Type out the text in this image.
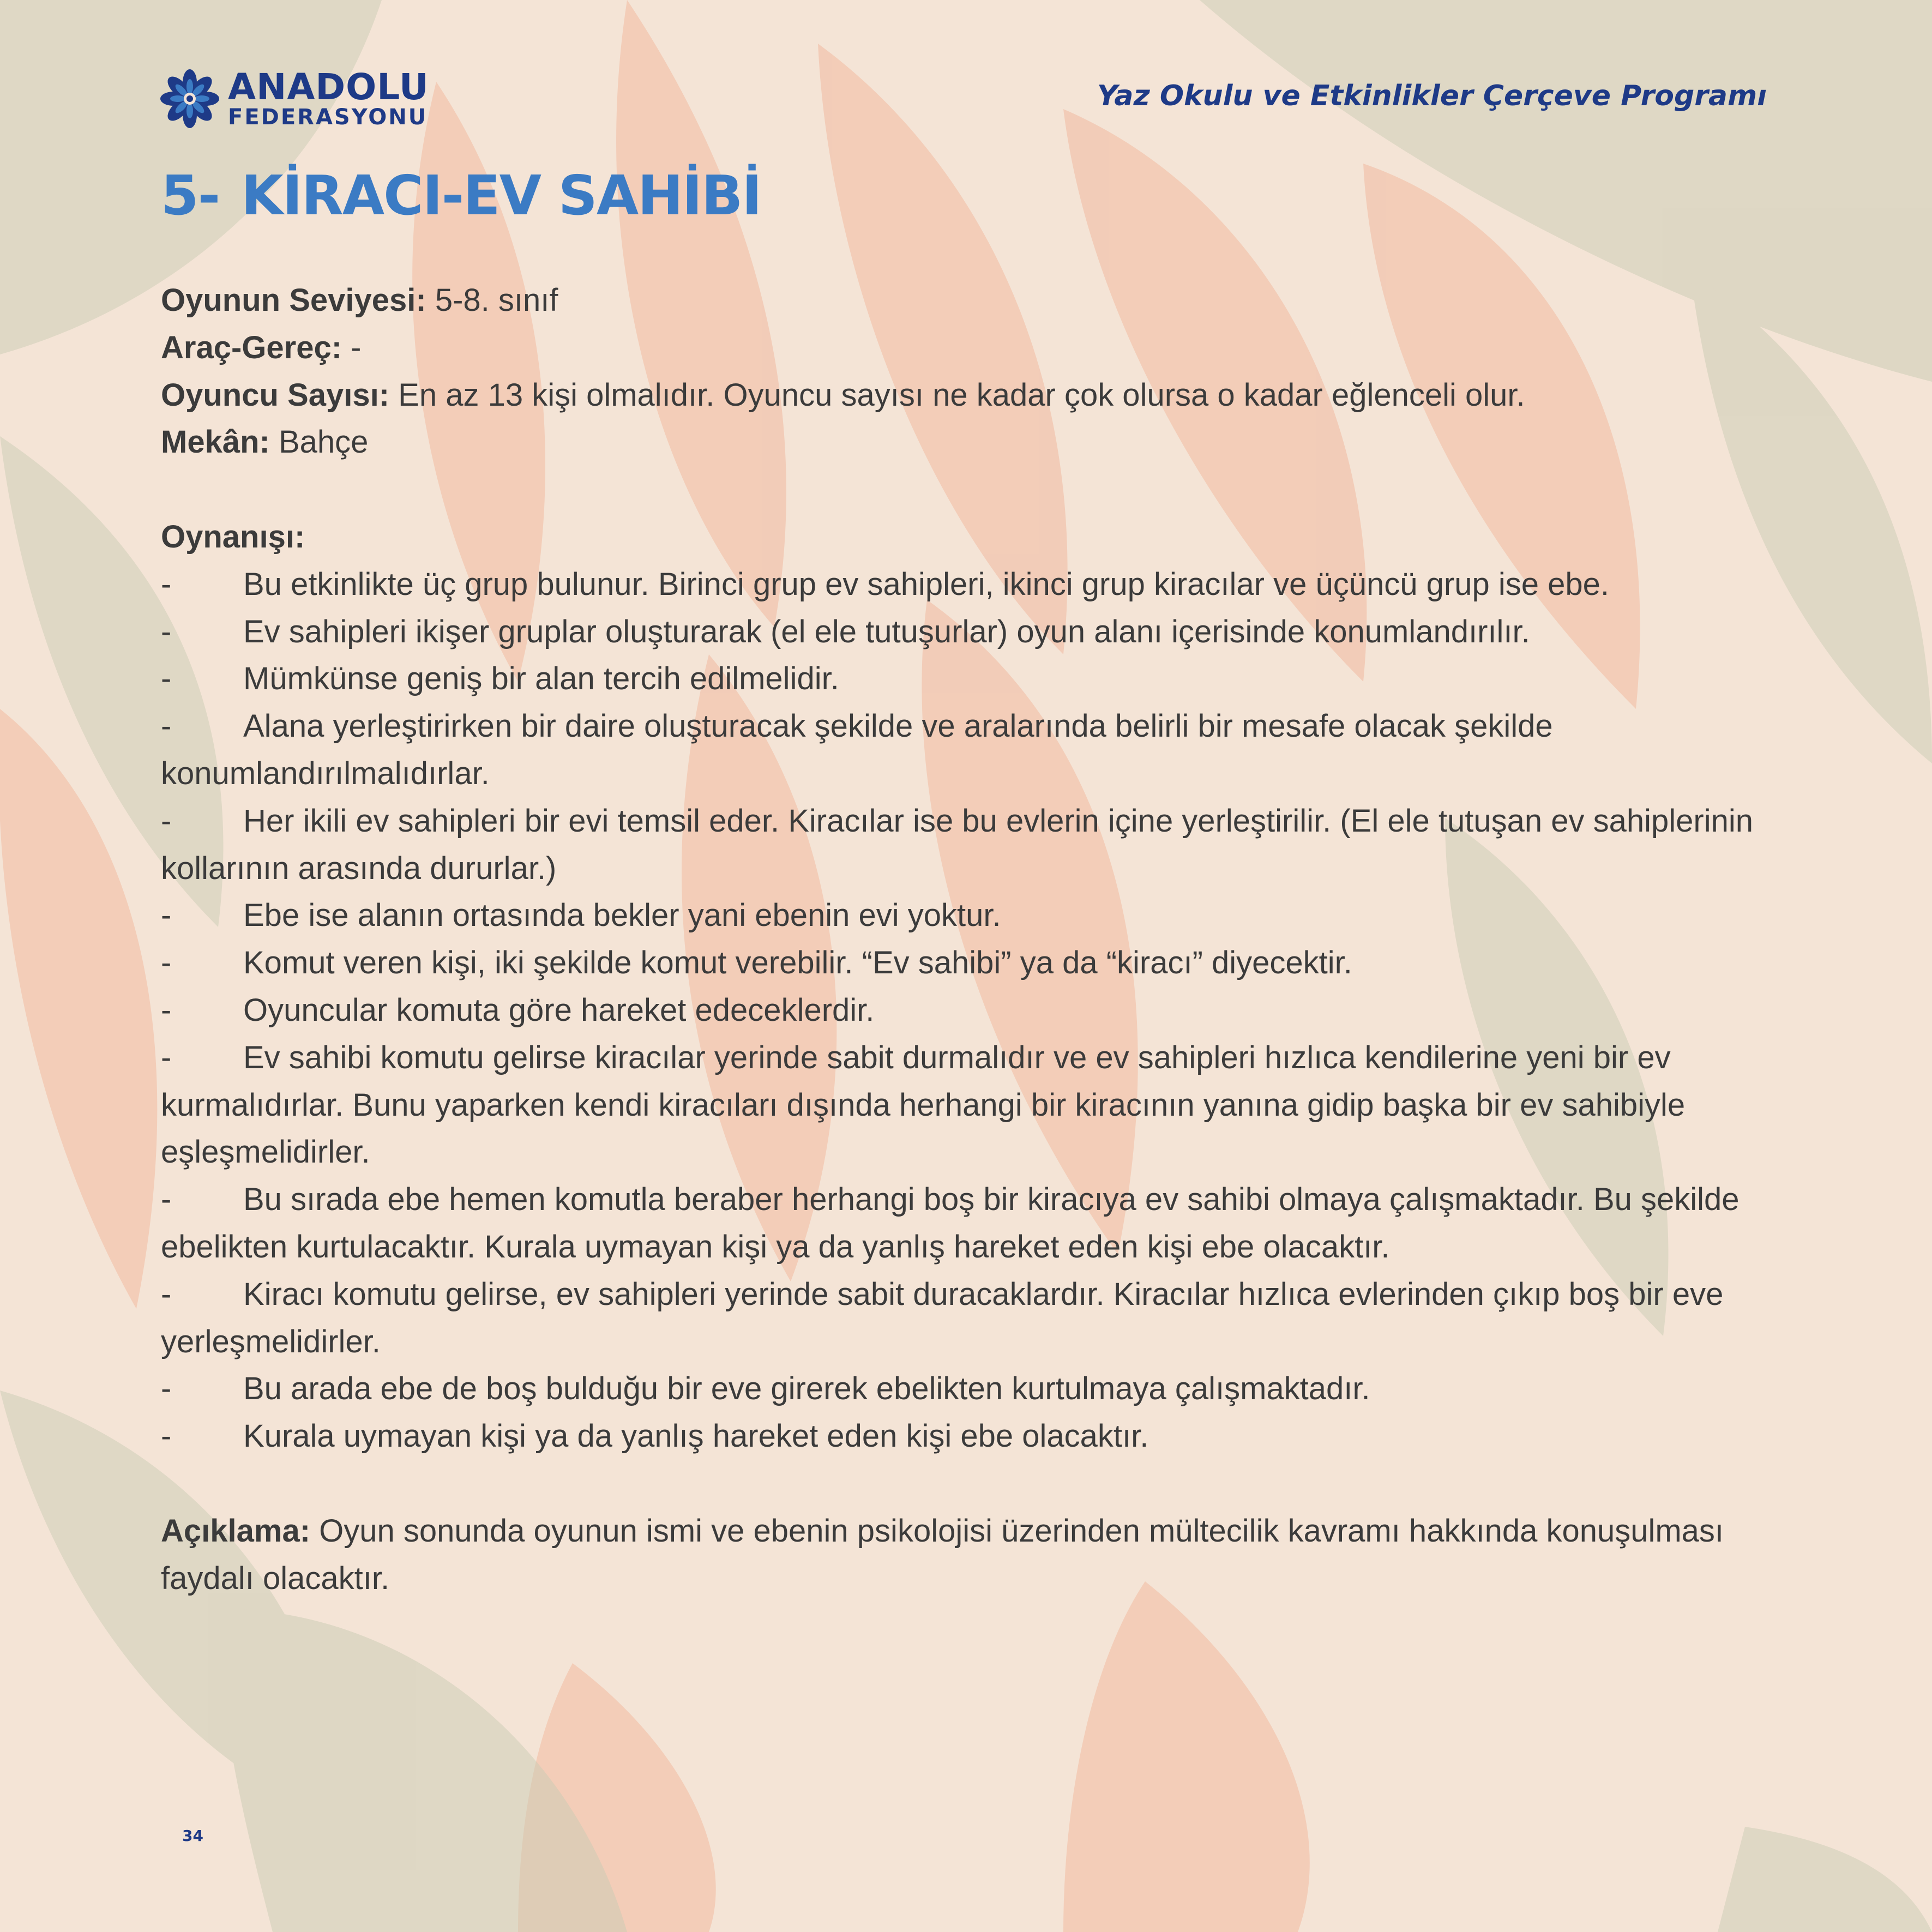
ANADOLU
FEDERASYONU
Yaz Okulu ve Etkinlikler Çerçeve Programı
5- KİRACI-EV SAHİBİ

Oyunun Seviyesi: 5-8. sınıf

Araç-Gereç: -

Oyuncu Sayısı: En az 13 kişi olmalıdır. Oyuncu sayısı ne kadar çok olursa o kadar eğlenceli olur.

Mekân: Bahçe

Oynanışı:

- Bu etkinlikte üç grup bulunur. Birinci grup ev sahipleri, ikinci grup kiracılar ve üçüncü grup ise ebe.

- Ev sahipleri ikişer gruplar oluşturarak (el ele tutuşurlar) oyun alanı içerisinde konumlandırılır.

- Mümkünse geniş bir alan tercih edilmelidir.

- Alana yerleştirirken bir daire oluşturacak şekilde ve aralarında belirli bir mesafe olacak şekilde konumlandırılmalıdırlar.

- Her ikili ev sahipleri bir evi temsil eder. Kiracılar ise bu evlerin içine yerleştirilir. (El ele tutuşan ev sahiplerinin kollarının arasında dururlar.)

- Ebe ise alanın ortasında bekler yani ebenin evi yoktur.

- Komut veren kişi, iki şekilde komut verebilir. “Ev sahibi” ya da “kiracı” diyecektir.

- Oyuncular komuta göre hareket edeceklerdir.

- Ev sahibi komutu gelirse kiracılar yerinde sabit durmalıdır ve ev sahipleri hızlıca kendilerine yeni bir ev kurmalıdırlar. Bunu yaparken kendi kiracıları dışında herhangi bir kiracının yanına gidip başka bir ev sahibiyle eşleşmelidirler.

- Bu sırada ebe hemen komutla beraber herhangi boş bir kiracıya ev sahibi olmaya çalışmaktadır. Bu şekilde ebelikten kurtulacaktır. Kurala uymayan kişi ya da yanlış hareket eden kişi ebe olacaktır.

- Kiracı komutu gelirse, ev sahipleri yerinde sabit duracaklardır. Kiracılar hızlıca evlerinden çıkıp boş bir eve yerleşmelidirler.

- Bu arada ebe de boş bulduğu bir eve girerek ebelikten kurtulmaya çalışmaktadır.

- Kurala uymayan kişi ya da yanlış hareket eden kişi ebe olacaktır.

Açıklama: Oyun sonunda oyunun ismi ve ebenin psikolojisi üzerinden mültecilik kavramı hakkında konuşulması faydalı olacaktır.

34
